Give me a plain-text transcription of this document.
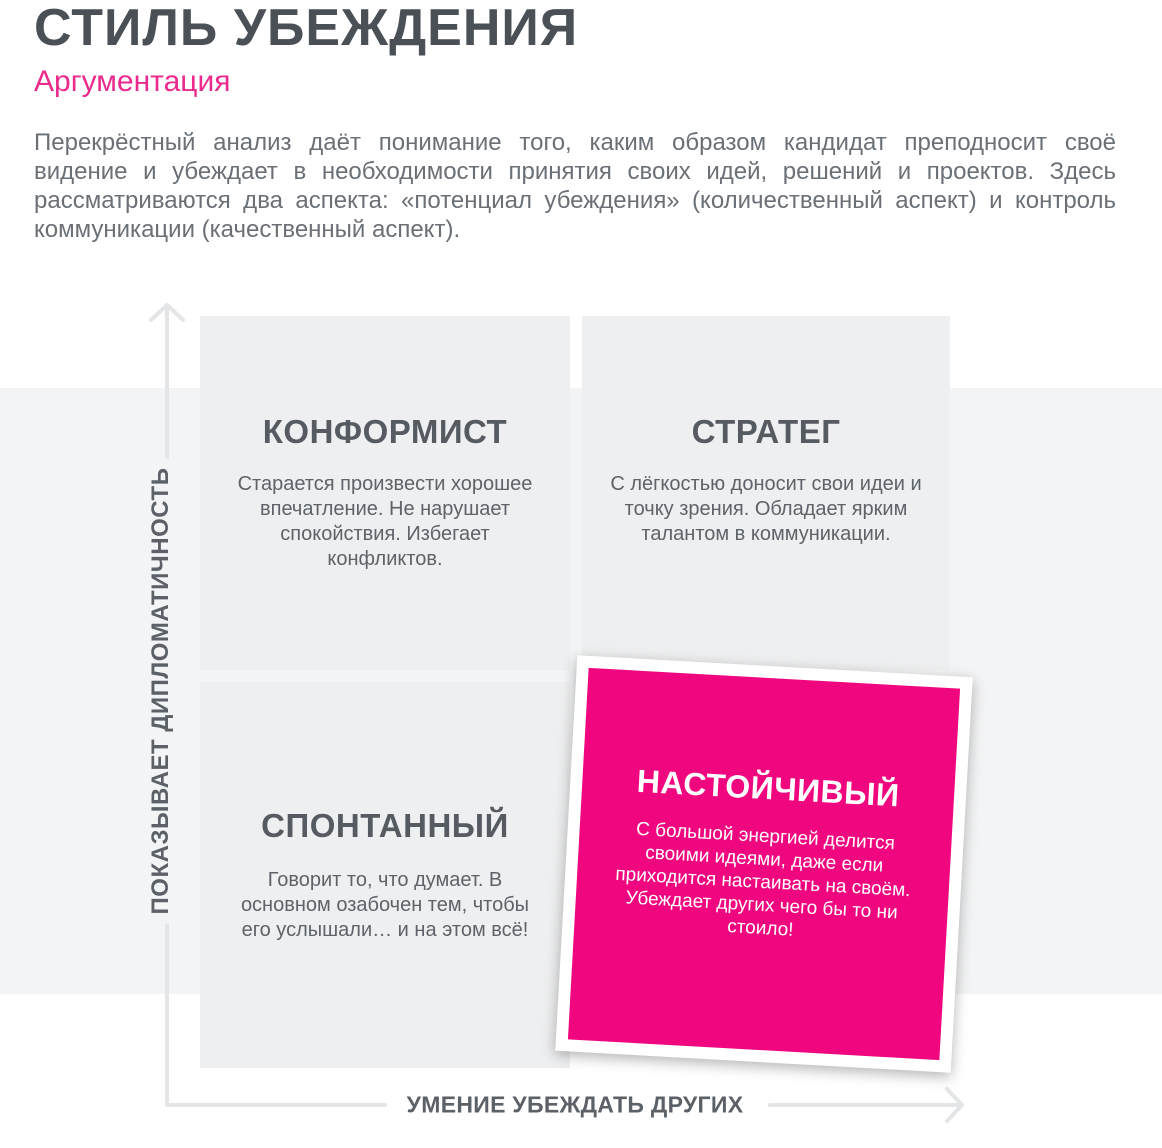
СТИЛЬ УБЕЖДЕНИЯ
Аргументация
Перекрёстный анализ даёт понимание того, каким образом кандидат преподносит своё видение и убеждает в необходимости принятия своих идей, решений и проектов. Здесь рассматриваются два аспекта: «потенциал убеждения» (количественный аспект) и контроль коммуникации (качественный аспект).
КОНФОРМИСТ

Старается произвести хорошее впечатление. Не нарушает спокойствия. Избегает конфликтов.

СТРАТЕГ

С лёгкостью доносит свои идеи и точку зрения. Обладает ярким талантом в коммуникации.

СПОНТАННЫЙ

Говорит то, что думает. В основном озабочен тем, чтобы его услышали… и на этом всё!

НАСТОЙЧИВЫЙ

С большой энергией делится своими идеями, даже если приходится настаивать на своём. Убеждает других чего бы то ни стоило!

ПОКАЗЫВАЕТ ДИПЛОМАТИЧНОСТЬ
УМЕНИЕ УБЕЖДАТЬ ДРУГИХ
